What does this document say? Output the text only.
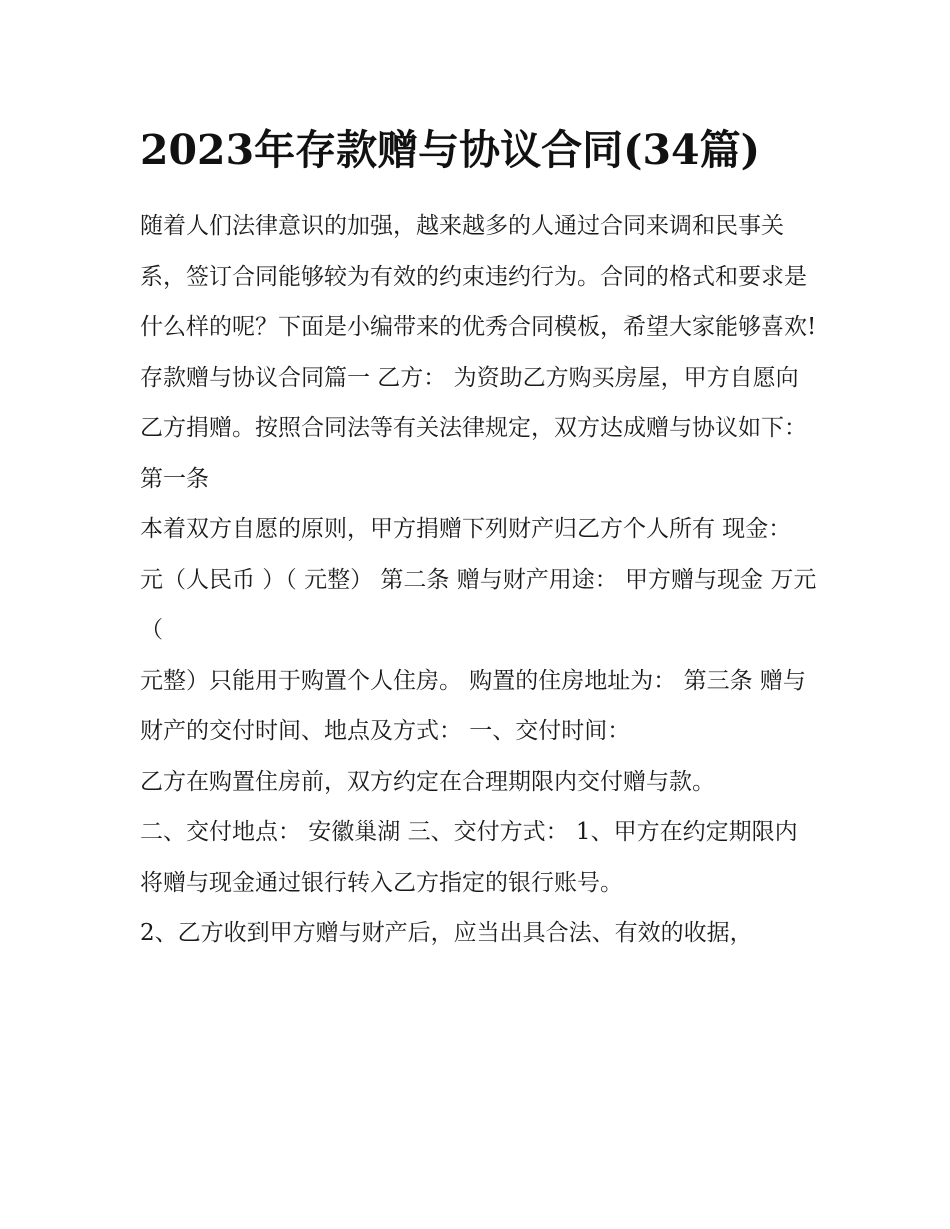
2023年存款赠与协议合同(34篇)

随着人们法律意识的加强，越来越多的人通过合同来调和民事关系，签订合同能够较为有效的约束违约行为。合同的格式和要求是什么样的呢？下面是小编带来的优秀合同模板，希望大家能够喜欢!

存款赠与协议合同篇一 乙方： 为资助乙方购买房屋，甲方自愿向乙方捐赠。按照合同法等有关法律规定，双方达成赠与协议如下： 第一条

本着双方自愿的原则，甲方捐赠下列财产归乙方个人所有 现金： 元（人民币 ）（ 元整） 第二条 赠与财产用途： 甲方赠与现金 万元（

元整）只能用于购置个人住房。 购置的住房地址为： 第三条 赠与财产的交付时间、地点及方式： 一、交付时间：

乙方在购置住房前，双方约定在合理期限内交付赠与款。

二、交付地点： 安徽巢湖 三、交付方式： 1、甲方在约定期限内将赠与现金通过银行转入乙方指定的银行账号。

2、乙方收到甲方赠与财产后，应当出具合法、有效的收据，
